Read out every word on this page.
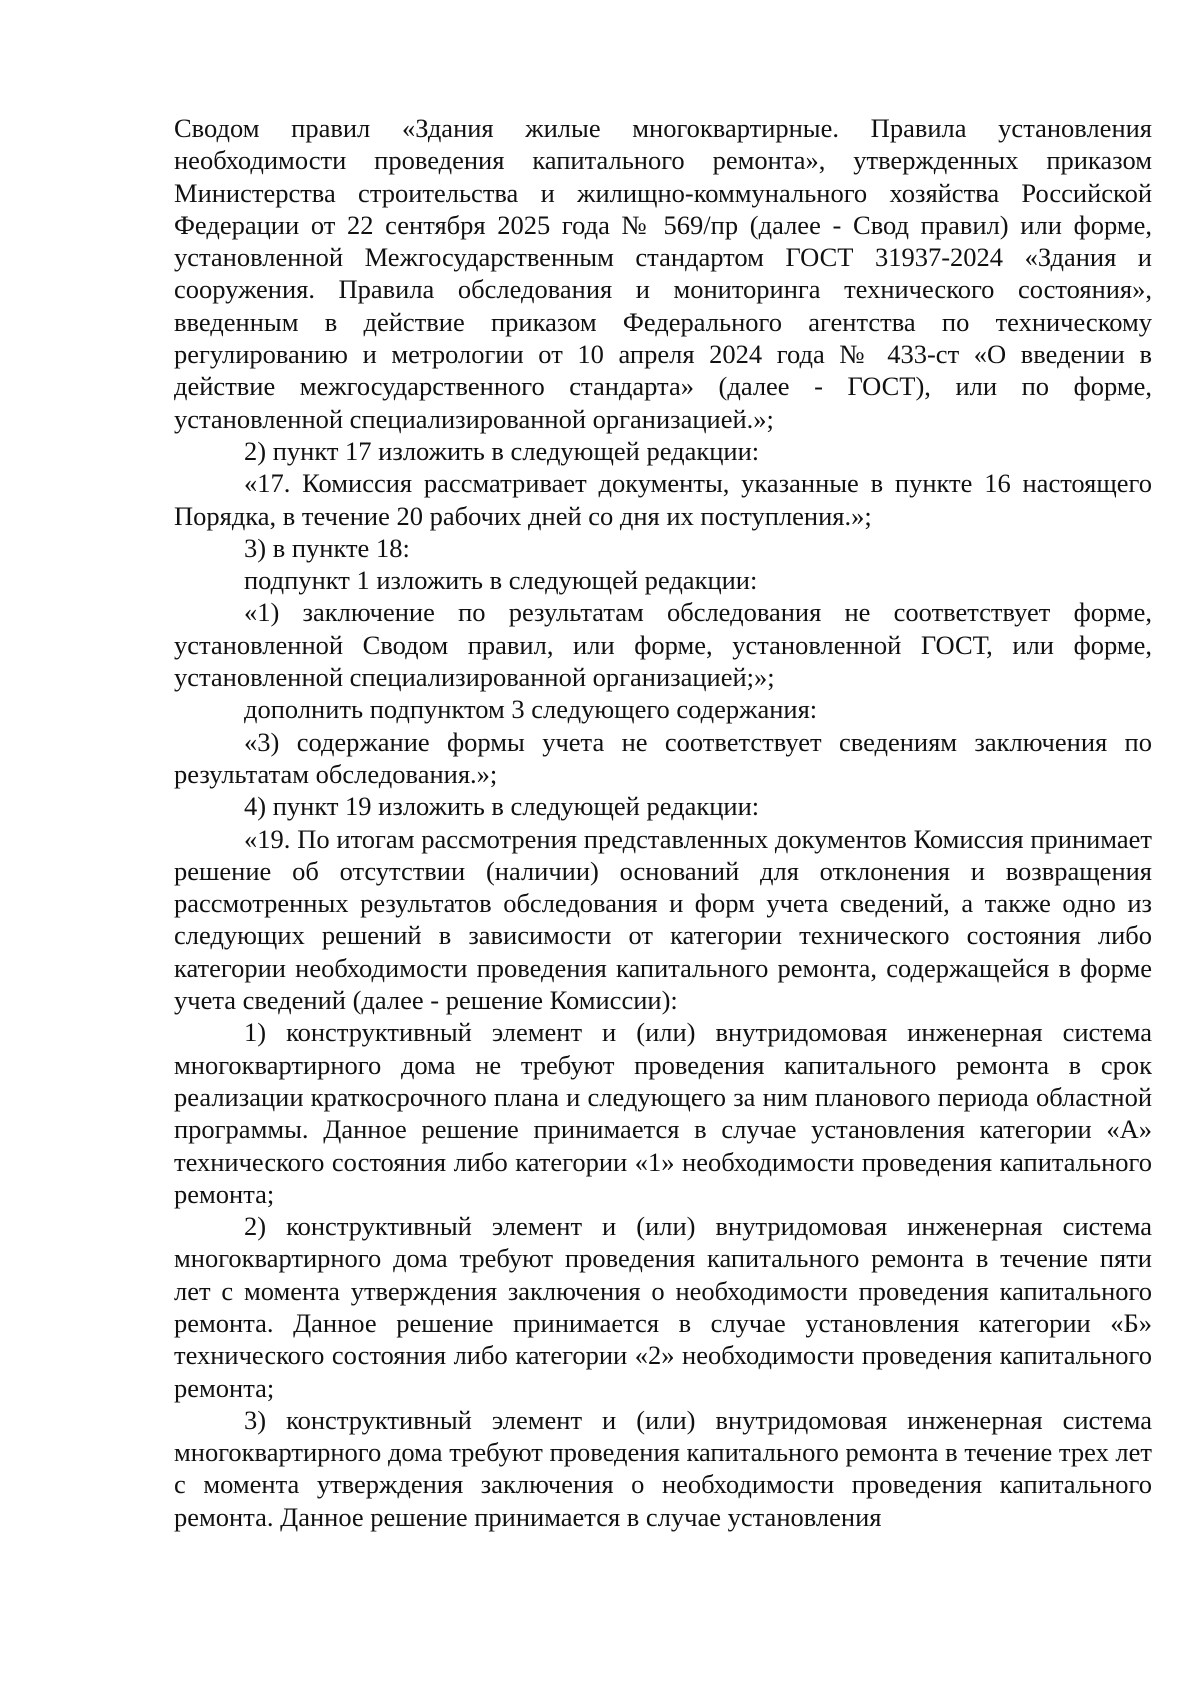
Сводом правил «Здания жилые многоквартирные. Правила установления необходимости проведения капитального ремонта», утвержденных приказом Министерства строительства и жилищно-коммунального хозяйства Российской Федерации от 22 сентября 2025 года № 569/пр (далее - Свод правил) или форме, установленной Межгосударственным стандартом ГОСТ 31937-2024 «Здания и сооружения. Правила обследования и мониторинга технического состояния», введенным в действие приказом Федерального агентства по техническому регулированию и метрологии от 10 апреля 2024 года № 433-ст «О введении в действие межгосударственного стандарта» (далее - ГОСТ), или по форме, установленной специализированной организацией.»;

2) пункт 17 изложить в следующей редакции:

«17. Комиссия рассматривает документы, указанные в пункте 16 настоящего Порядка, в течение 20 рабочих дней со дня их поступления.»;

3) в пункте 18:

подпункт 1 изложить в следующей редакции:

«1) заключение по результатам обследования не соответствует форме, установленной Сводом правил, или форме, установленной ГОСТ, или форме, установленной специализированной организацией;»;

дополнить подпунктом 3 следующего содержания:

«3) содержание формы учета не соответствует сведениям заключения по результатам обследования.»;

4) пункт 19 изложить в следующей редакции:

«19. По итогам рассмотрения представленных документов Комиссия принимает решение об отсутствии (наличии) оснований для отклонения и возвращения рассмотренных результатов обследования и форм учета сведений, а также одно из следующих решений в зависимости от категории технического состояния либо категории необходимости проведения капитального ремонта, содержащейся в форме учета сведений (далее - решение Комиссии):

1) конструктивный элемент и (или) внутридомовая инженерная система многоквартирного дома не требуют проведения капитального ремонта в срок реализации краткосрочного плана и следующего за ним планового периода областной программы. Данное решение принимается в случае установления категории «А» технического состояния либо категории «1» необходимости проведения капитального ремонта;

2) конструктивный элемент и (или) внутридомовая инженерная система многоквартирного дома требуют проведения капитального ремонта в течение пяти лет с момента утверждения заключения о необходимости проведения капитального ремонта. Данное решение принимается в случае установления категории «Б» технического состояния либо категории «2» необходимости проведения капитального ремонта;

3) конструктивный элемент и (или) внутридомовая инженерная система многоквартирного дома требуют проведения капитального ремонта в течение трех лет с момента утверждения заключения о необходимости проведения капитального ремонта. Данное решение принимается в случае установления
